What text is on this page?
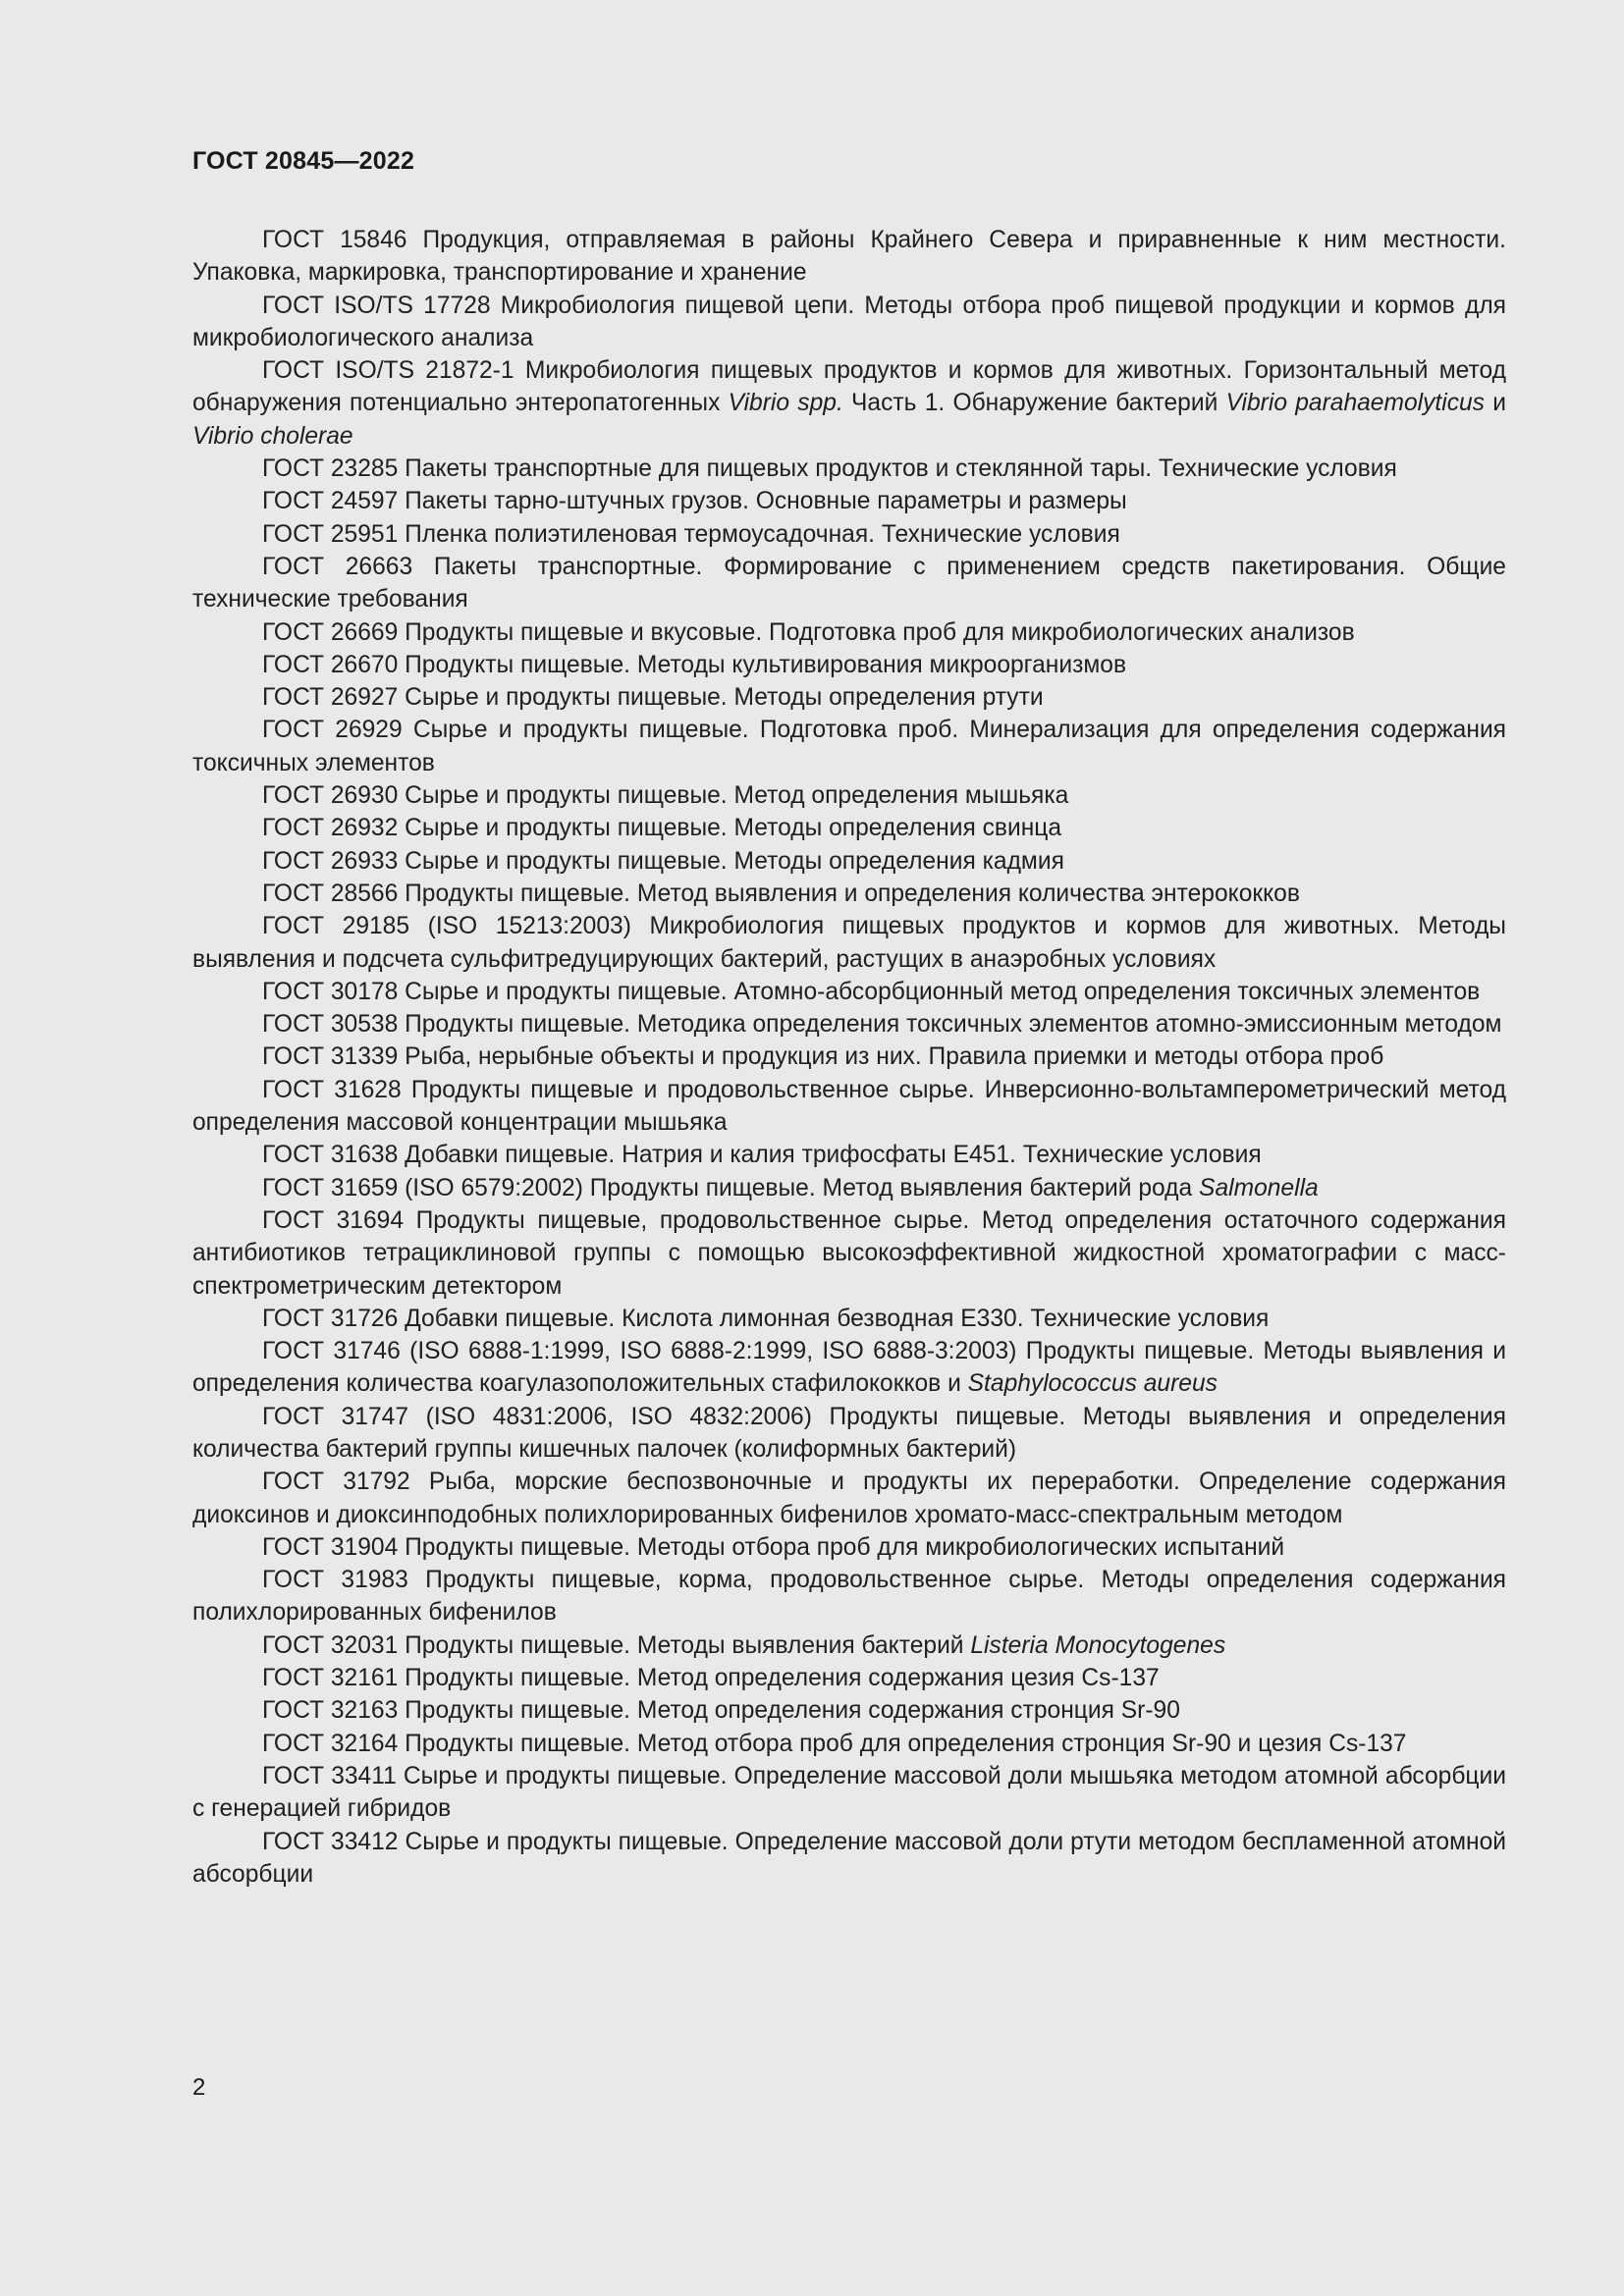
ГОСТ 20845—2022

ГОСТ 15846 Продукция, отправляемая в районы Крайнего Севера и приравненные к ним местности. Упаковка, маркировка, транспортирование и хранение

ГОСТ ISO/TS 17728 Микробиология пищевой цепи. Методы отбора проб пищевой продукции и кормов для микробиологического анализа

ГОСТ ISO/TS 21872-1 Микробиология пищевых продуктов и кормов для животных. Горизонтальный метод обнаружения потенциально энтеропатогенных Vibrio spp. Часть 1. Обнаружение бактерий Vibrio parahaemolyticus и Vibrio cholerae

ГОСТ 23285 Пакеты транспортные для пищевых продуктов и стеклянной тары. Технические условия

ГОСТ 24597 Пакеты тарно-штучных грузов. Основные параметры и размеры

ГОСТ 25951 Пленка полиэтиленовая термоусадочная. Технические условия

ГОСТ 26663 Пакеты транспортные. Формирование с применением средств пакетирования. Общие технические требования

ГОСТ 26669 Продукты пищевые и вкусовые. Подготовка проб для микробиологических анализов

ГОСТ 26670 Продукты пищевые. Методы культивирования микроорганизмов

ГОСТ 26927 Сырье и продукты пищевые. Методы определения ртути

ГОСТ 26929 Сырье и продукты пищевые. Подготовка проб. Минерализация для определения содержания токсичных элементов

ГОСТ 26930 Сырье и продукты пищевые. Метод определения мышьяка

ГОСТ 26932 Сырье и продукты пищевые. Методы определения свинца

ГОСТ 26933 Сырье и продукты пищевые. Методы определения кадмия

ГОСТ 28566 Продукты пищевые. Метод выявления и определения количества энтерококков

ГОСТ 29185 (ISO 15213:2003) Микробиология пищевых продуктов и кормов для животных. Методы выявления и подсчета сульфитредуцирующих бактерий, растущих в анаэробных условиях

ГОСТ 30178 Сырье и продукты пищевые. Атомно-абсорбционный метод определения токсичных элементов

ГОСТ 30538 Продукты пищевые. Методика определения токсичных элементов атомно-эмиссионным методом

ГОСТ 31339 Рыба, нерыбные объекты и продукция из них. Правила приемки и методы отбора проб

ГОСТ 31628 Продукты пищевые и продовольственное сырье. Инверсионно-вольтамперометрический метод определения массовой концентрации мышьяка

ГОСТ 31638 Добавки пищевые. Натрия и калия трифосфаты Е451. Технические условия

ГОСТ 31659 (ISO 6579:2002) Продукты пищевые. Метод выявления бактерий рода Salmonella

ГОСТ 31694 Продукты пищевые, продовольственное сырье. Метод определения остаточного содержания антибиотиков тетрациклиновой группы с помощью высокоэффективной жидкостной хроматографии с масс-спектрометрическим детектором

ГОСТ 31726 Добавки пищевые. Кислота лимонная безводная Е330. Технические условия

ГОСТ 31746 (ISO 6888-1:1999, ISO 6888-2:1999, ISO 6888-3:2003) Продукты пищевые. Методы выявления и определения количества коагулазоположительных стафилококков и Staphylococcus aureus

ГОСТ 31747 (ISO 4831:2006, ISO 4832:2006) Продукты пищевые. Методы выявления и определения количества бактерий группы кишечных палочек (колиформных бактерий)

ГОСТ 31792 Рыба, морские беспозвоночные и продукты их переработки. Определение содержания диоксинов и диоксинподобных полихлорированных бифенилов хромато-масс-спектральным методом

ГОСТ 31904 Продукты пищевые. Методы отбора проб для микробиологических испытаний

ГОСТ 31983 Продукты пищевые, корма, продовольственное сырье. Методы определения содержания полихлорированных бифенилов

ГОСТ 32031 Продукты пищевые. Методы выявления бактерий Listeria Monocytogenes

ГОСТ 32161 Продукты пищевые. Метод определения содержания цезия Cs-137

ГОСТ 32163 Продукты пищевые. Метод определения содержания стронция Sr-90

ГОСТ 32164 Продукты пищевые. Метод отбора проб для определения стронция Sr-90 и цезия Cs-137

ГОСТ 33411 Сырье и продукты пищевые. Определение массовой доли мышьяка методом атомной абсорбции с генерацией гибридов

ГОСТ 33412 Сырье и продукты пищевые. Определение массовой доли ртути методом беспламенной атомной абсорбции

2
